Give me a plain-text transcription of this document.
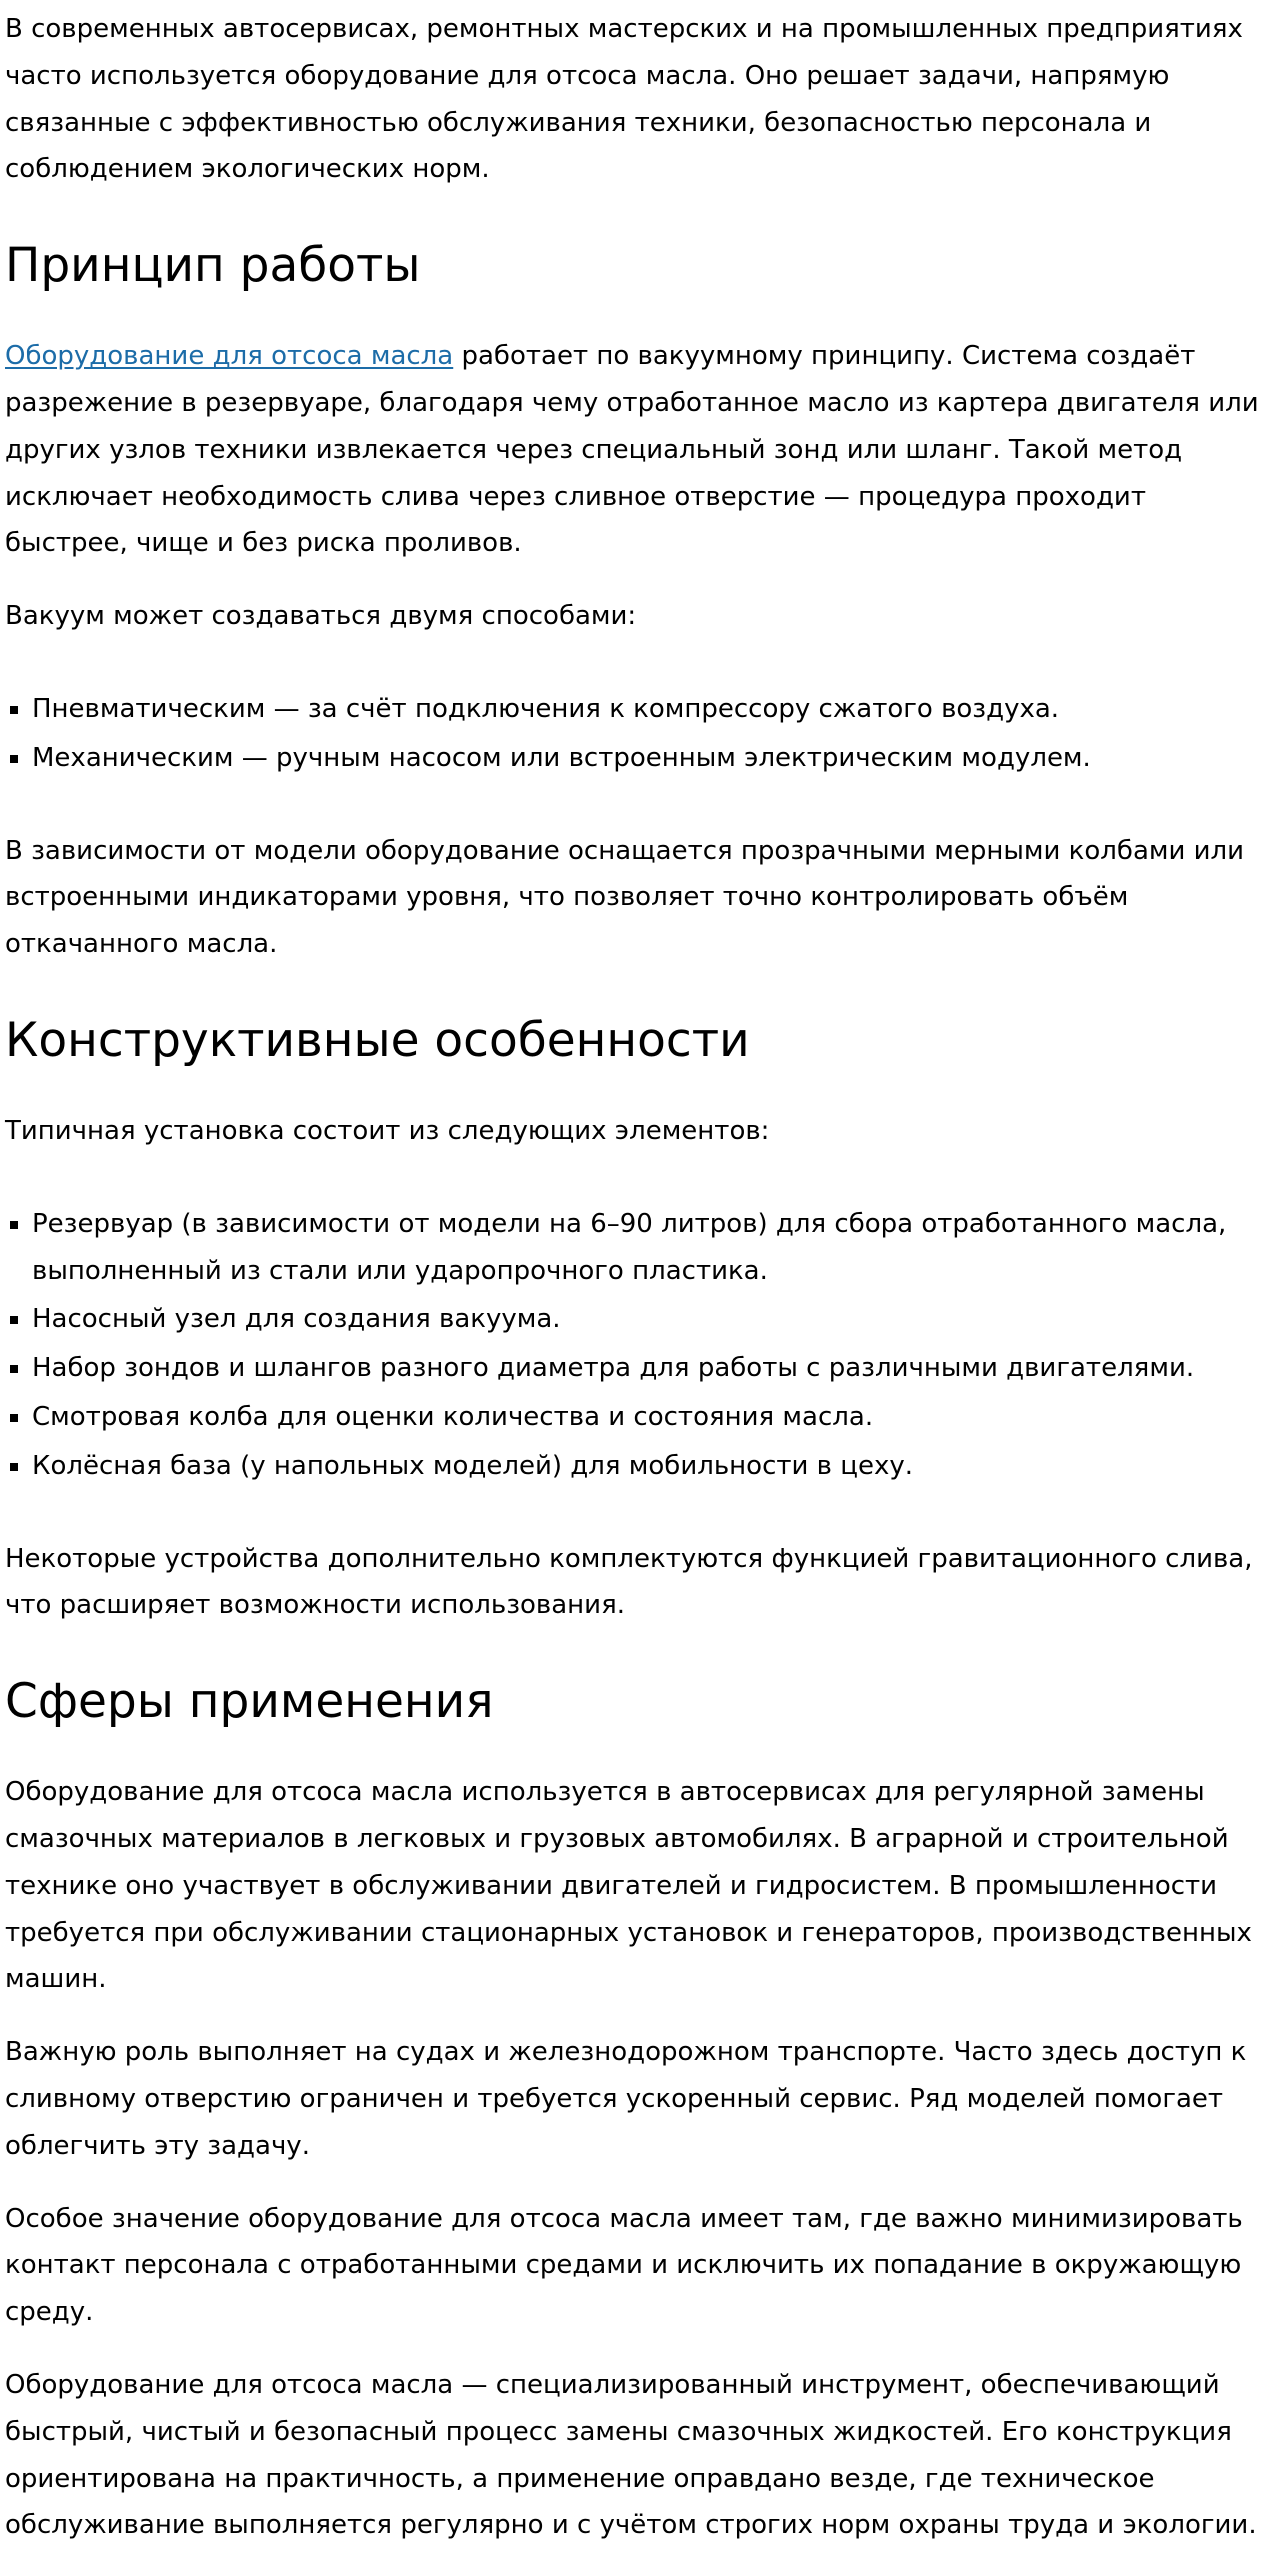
В современных автосервисах, ремонтных мастерских и на промышленных предприятиях часто используется оборудование для отсоса масла. Оно решает задачи, напрямую связанные с эффективностью обслуживания техники, безопасностью персонала и соблюдением экологических норм.

Принцип работы

Оборудование для отсоса масла работает по вакуумному принципу. Система создаёт разрежение в резервуаре, благодаря чему отработанное масло из картера двигателя или других узлов техники извлекается через специальный зонд или шланг. Такой метод исключает необходимость слива через сливное отверстие — процедура проходит быстрее, чище и без риска проливов.

Вакуум может создаваться двумя способами:

▪ Пневматическим — за счёт подключения к компрессору сжатого воздуха.
▪ Механическим — ручным насосом или встроенным электрическим модулем.

В зависимости от модели оборудование оснащается прозрачными мерными колбами или встроенными индикаторами уровня, что позволяет точно контролировать объём откачанного масла.

Конструктивные особенности

Типичная установка состоит из следующих элементов:

▪ Резервуар (в зависимости от модели на 6–90 литров) для сбора отработанного масла, выполненный из стали или ударопрочного пластика.
▪ Насосный узел для создания вакуума.
▪ Набор зондов и шлангов разного диаметра для работы с различными двигателями.
▪ Смотровая колба для оценки количества и состояния масла.
▪ Колёсная база (у напольных моделей) для мобильности в цеху.

Некоторые устройства дополнительно комплектуются функцией гравитационного слива, что расширяет возможности использования.

Сферы применения

Оборудование для отсоса масла используется в автосервисах для регулярной замены смазочных материалов в легковых и грузовых автомобилях. В аграрной и строительной технике оно участвует в обслуживании двигателей и гидросистем. В промышленности требуется при обслуживании стационарных установок и генераторов, производственных машин.

Важную роль выполняет на судах и железнодорожном транспорте. Часто здесь доступ к сливному отверстию ограничен и требуется ускоренный сервис. Ряд моделей помогает облегчить эту задачу.

Особое значение оборудование для отсоса масла имеет там, где важно минимизировать контакт персонала с отработанными средами и исключить их попадание в окружающую среду.

Оборудование для отсоса масла — специализированный инструмент, обеспечивающий быстрый, чистый и безопасный процесс замены смазочных жидкостей. Его конструкция ориентирована на практичность, а применение оправдано везде, где техническое обслуживание выполняется регулярно и с учётом строгих норм охраны труда и экологии.
